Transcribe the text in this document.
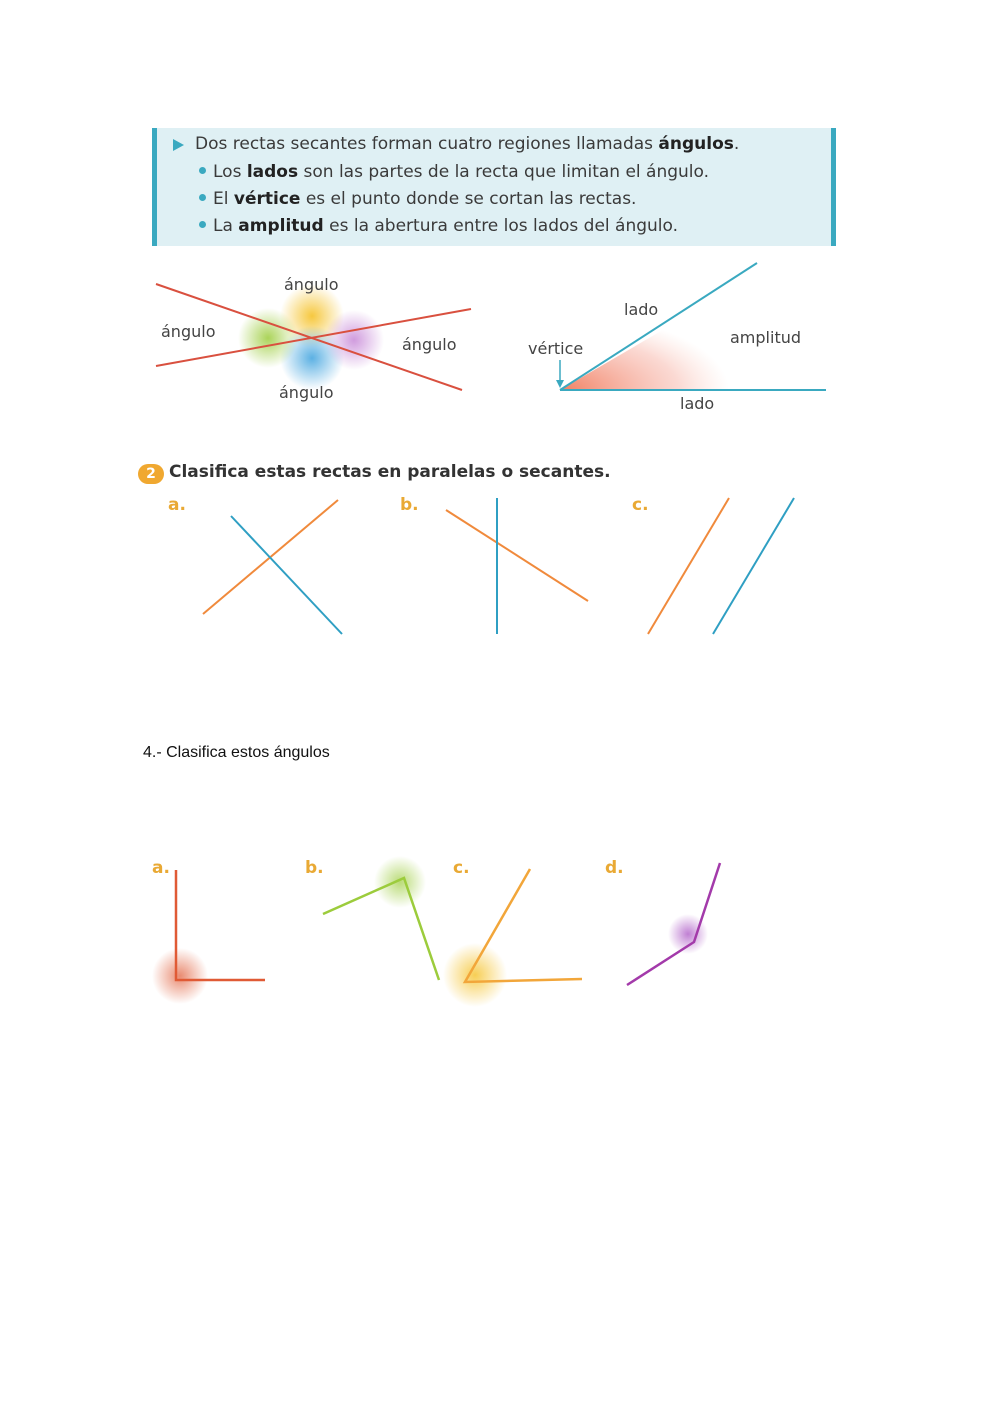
Dos rectas secantes forman cuatro regiones llamadas ángulos.
Los lados son las partes de la recta que limitan el ángulo.
El vértice es el punto donde se cortan las rectas.
La amplitud es la abertura entre los lados del ángulo.
ángulo
ángulo
ángulo
ángulo
lado
amplitud
vértice
lado
a.	b.	c.
a.	b.	c.	d.
2 Clasifica estas rectas en paralelas o secantes.
4.- Clasifica estos ángulos
